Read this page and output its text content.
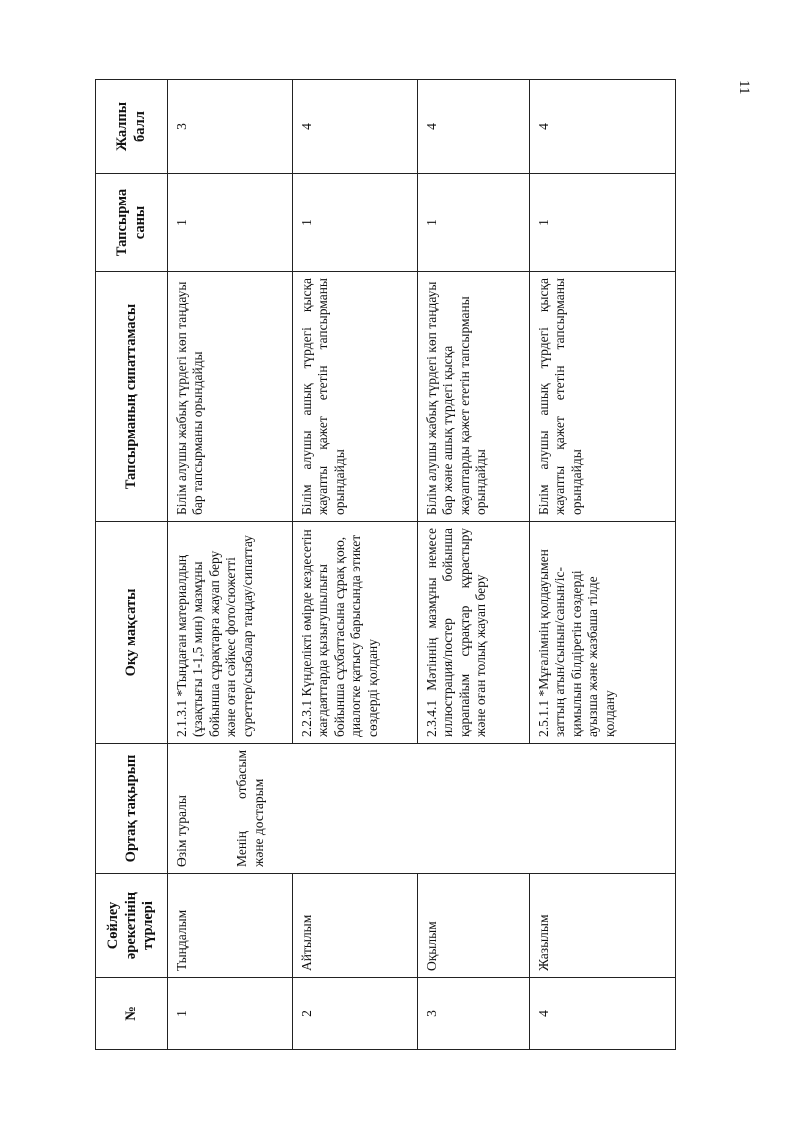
11
№	Сөйлеу әрекетінің түрлері	Ортақ тақырып	Оқу мақсаты	Тапсырманың сипаттамасы	Тапсырма саны	Жалпы балл
1	Тыңдалым	Өзім туралы Менің отбасым және достарым	2.1.3.1 *Тыңдаған материалдың (ұзақтығы 1-1,5 мин) мазмұны бойынша сұрақтарға жауап беру және оған сәйкес фото/сюжетті суреттер/сызбалар таңдау/сипаттау	Білім алушы жабық түрдегі көп таңдауы бар тапсырманы орындайды	1	3
2	Айтылым		2.2.3.1 Күнделікті өмірде кездесетін жағдаяттарда қызығушылығы бойынша сұхбаттасына сұрақ қою, диалогке қатысу барысында этикет сөздерді қолдану	Білім алушы ашық түрдегі қысқа жауапты қажет ететін тапсырманы орындайды	1	4
3	Оқылым		2.3.4.1 Мәтіннің мазмұны немесе иллюстрация/постер бойынша қарапайым сұрақтар құрастыру және оған толық жауап беру	Білім алушы жабық түрдегі көп таңдауы бар және ашық түрдегі қысқа жауаптарды қажет ететін тапсырманы орындайды	1	4
4	Жазылым		2.5.1.1 *Мұғалімнің қолдауымен заттың атын/сынын/санын/іс-қимылын білдіретін сөздерді ауызша және жазбаша тілде қолдану	Білім алушы ашық түрдегі қысқа жауапты қажет ететін тапсырманы орындайды	1	4
